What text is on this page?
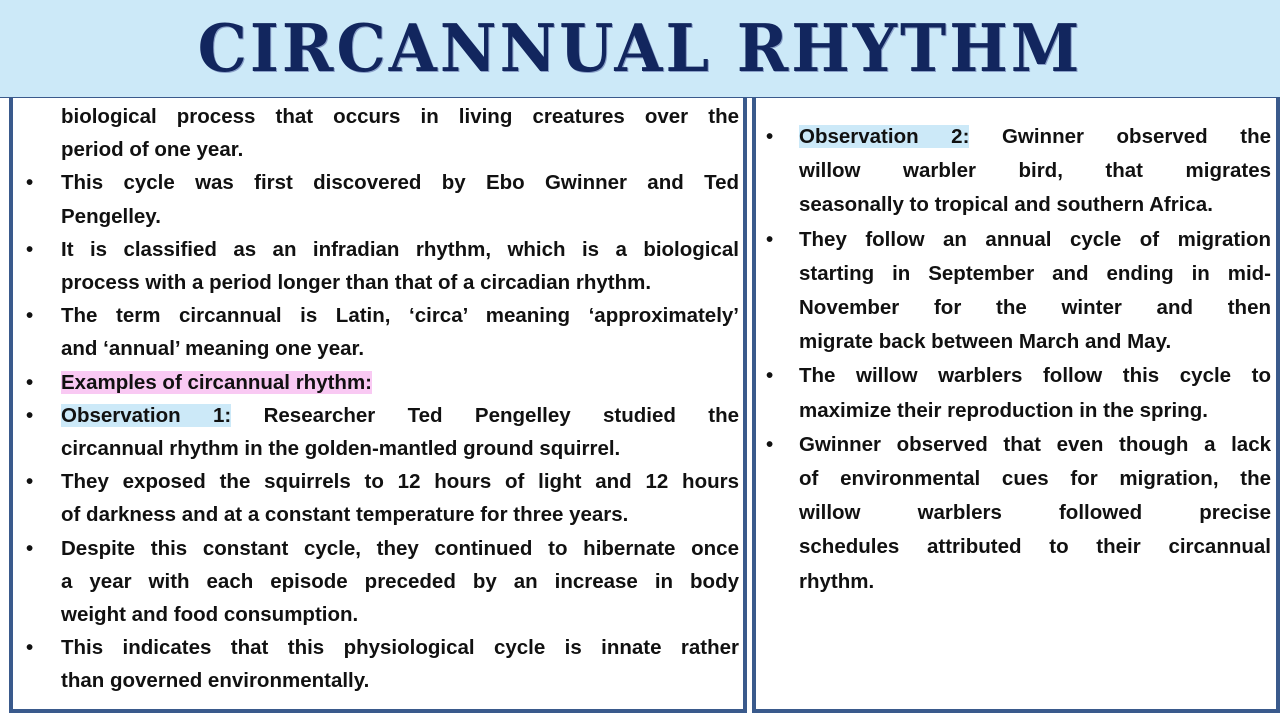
CIRCANNUAL RHYTHM
biological process that occurs in living creatures over the
period of one year.
• This cycle was first discovered by Ebo Gwinner and Ted
Pengelley.
• It is classified as an infradian rhythm, which is a biological
process with a period longer than that of a circadian rhythm.
• The term circannual is Latin, ‘circa’ meaning ‘approximately’
and ‘annual’ meaning one year.
• Examples of circannual rhythm:
• Observation 1: Researcher Ted Pengelley studied the
circannual rhythm in the golden-mantled ground squirrel.
• They exposed the squirrels to 12 hours of light and 12 hours
of darkness and at a constant temperature for three years.
• Despite this constant cycle, they continued to hibernate once
a year with each episode preceded by an increase in body
weight and food consumption.
• This indicates that this physiological cycle is innate rather
than governed environmentally.
• Observation 2: Gwinner observed the
willow warbler bird, that migrates
seasonally to tropical and southern Africa.
• They follow an annual cycle of migration
starting in September and ending in mid-
November for the winter and then
migrate back between March and May.
• The willow warblers follow this cycle to
maximize their reproduction in the spring.
• Gwinner observed that even though a lack
of environmental cues for migration, the
willow warblers followed precise
schedules attributed to their circannual
rhythm.
